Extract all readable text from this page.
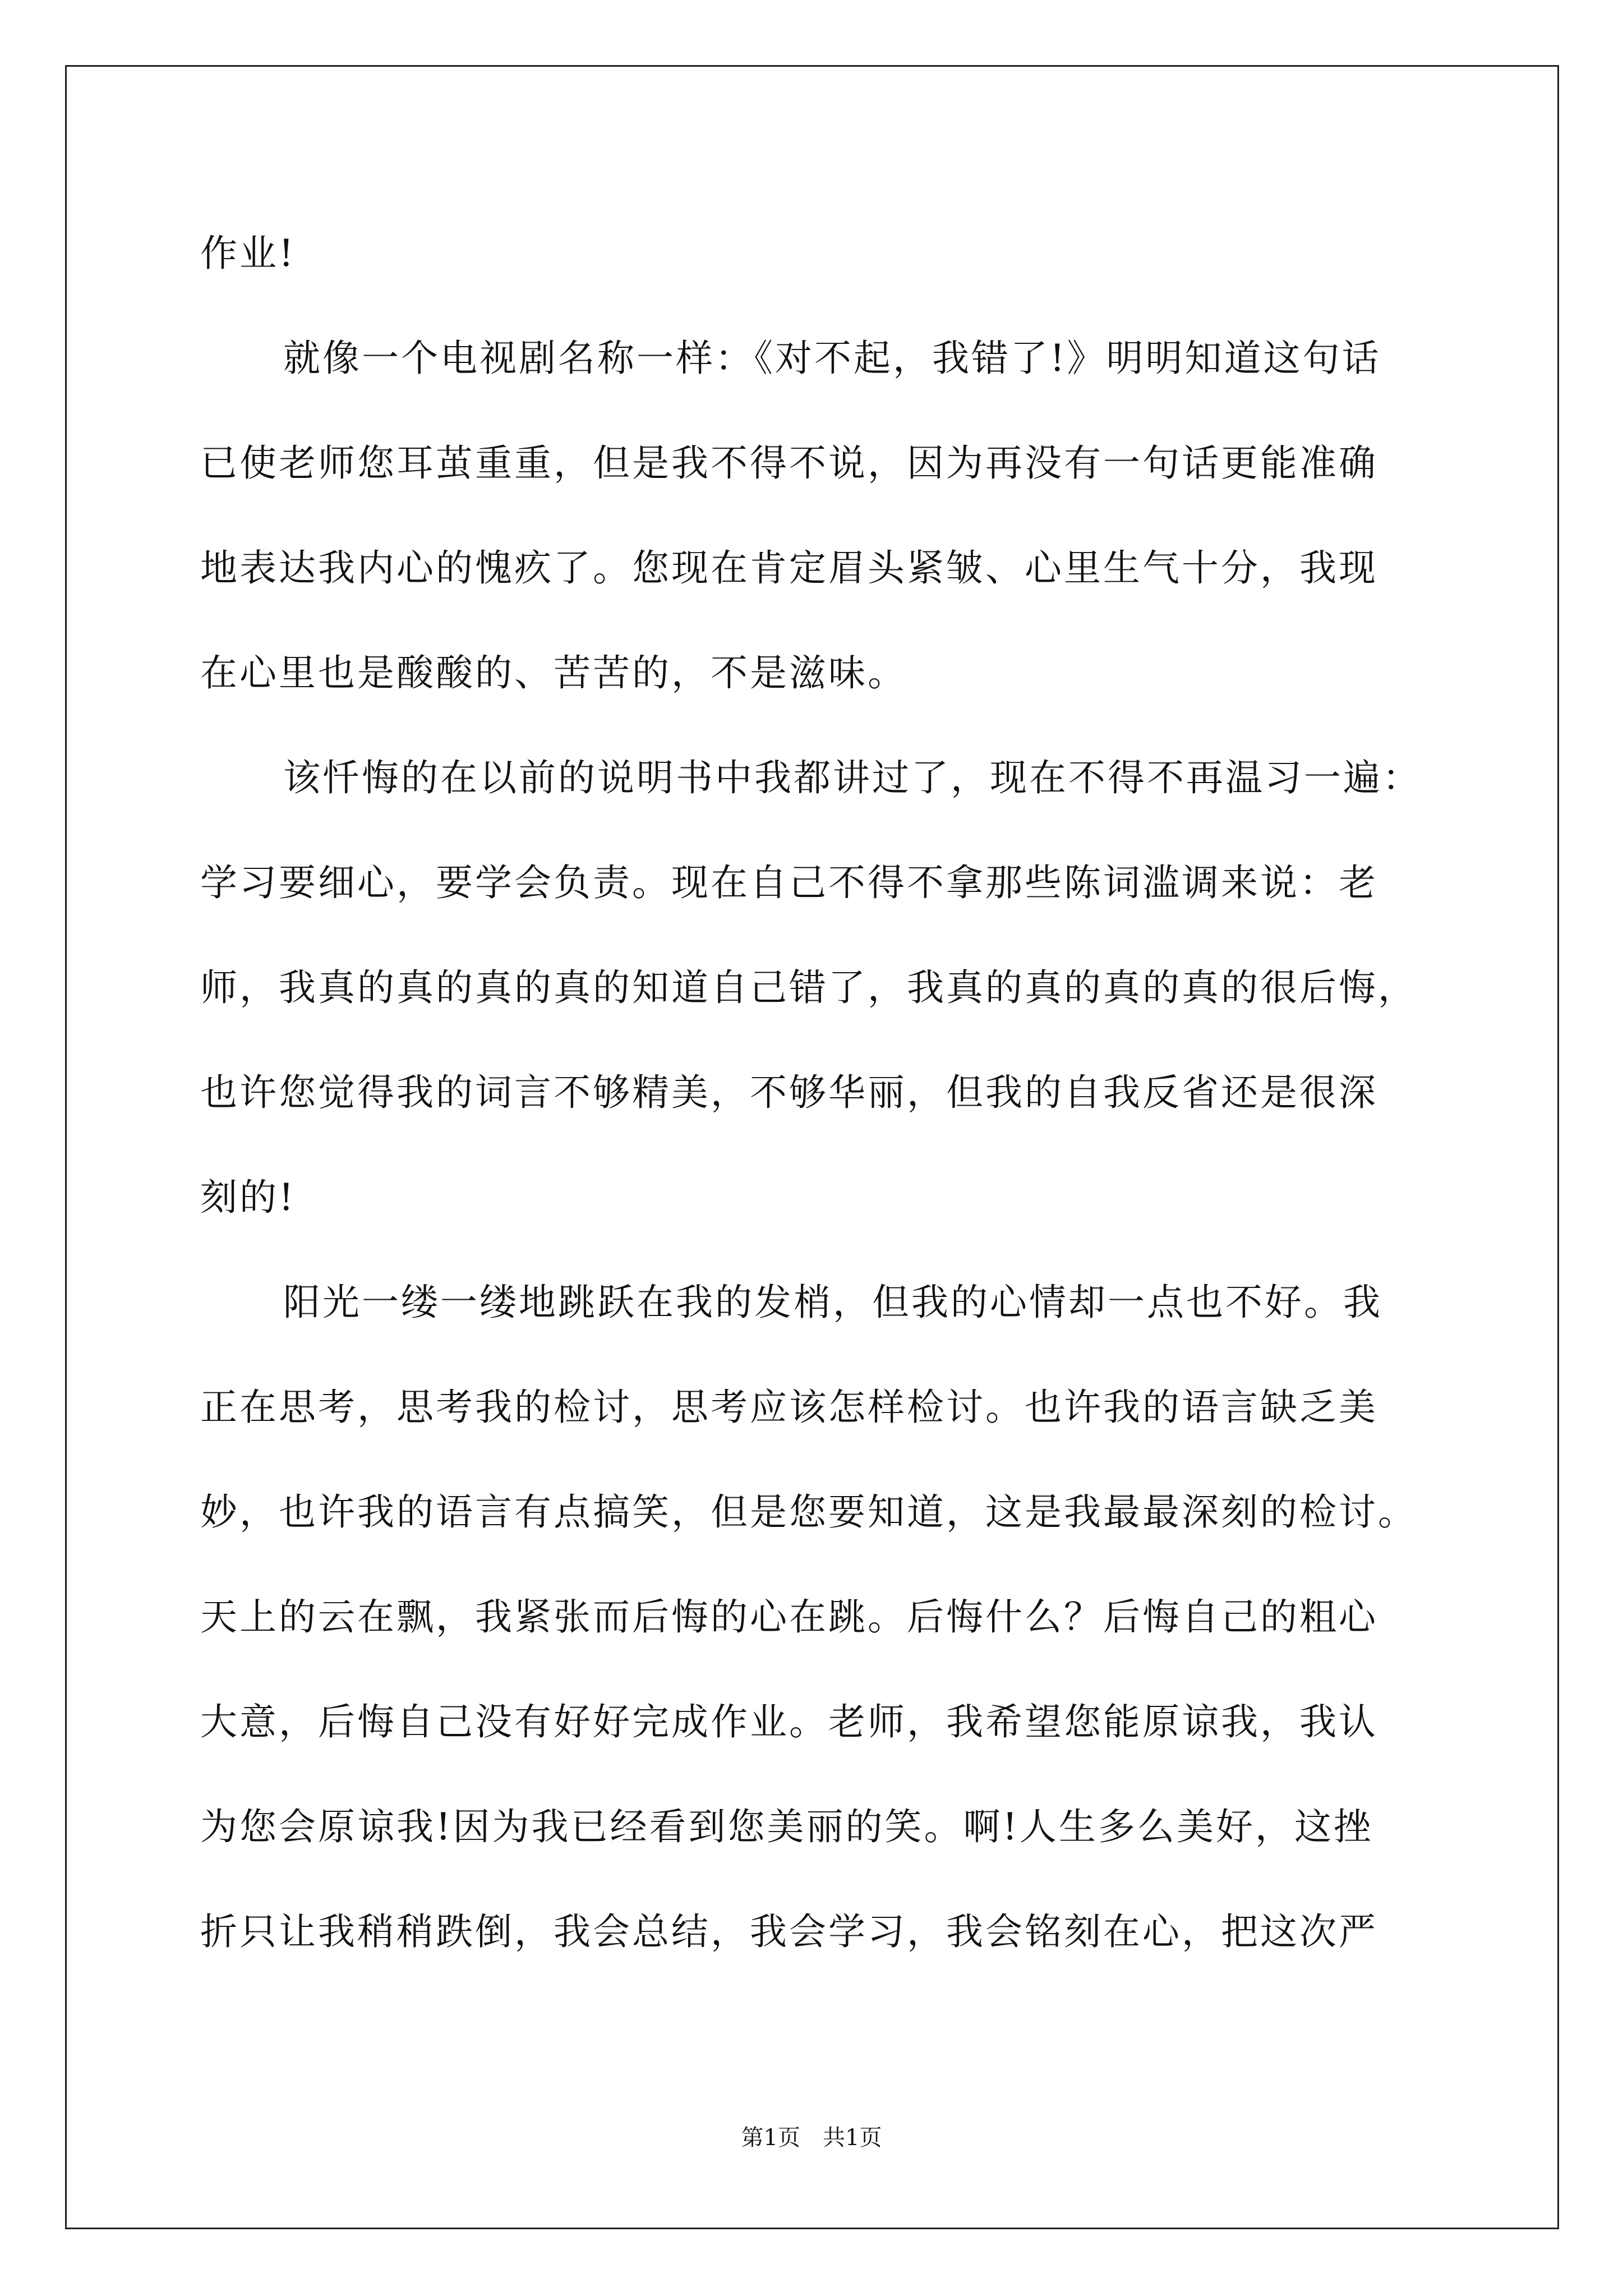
作业!
就像一个电视剧名称一样：《对不起，我错了!》明明知道这句话
已使老师您耳茧重重，但是我不得不说，因为再没有一句话更能准确
地表达我内心的愧疚了。您现在肯定眉头紧皱、心里生气十分，我现
在心里也是酸酸的、苦苦的，不是滋味。
该忏悔的在以前的说明书中我都讲过了，现在不得不再温习一遍：
学习要细心，要学会负责。现在自己不得不拿那些陈词滥调来说：老
师，我真的真的真的真的知道自己错了，我真的真的真的真的很后悔，
也许您觉得我的词言不够精美，不够华丽，但我的自我反省还是很深
刻的!
阳光一缕一缕地跳跃在我的发梢，但我的心情却一点也不好。我
正在思考，思考我的检讨，思考应该怎样检讨。也许我的语言缺乏美
妙，也许我的语言有点搞笑，但是您要知道，这是我最最深刻的检讨。
天上的云在飘，我紧张而后悔的心在跳。后悔什么？后悔自己的粗心
大意，后悔自己没有好好完成作业。老师，我希望您能原谅我，我认
为您会原谅我!因为我已经看到您美丽的笑。啊!人生多么美好，这挫
折只让我稍稍跌倒，我会总结，我会学习，我会铭刻在心，把这次严
第1页　共1页
